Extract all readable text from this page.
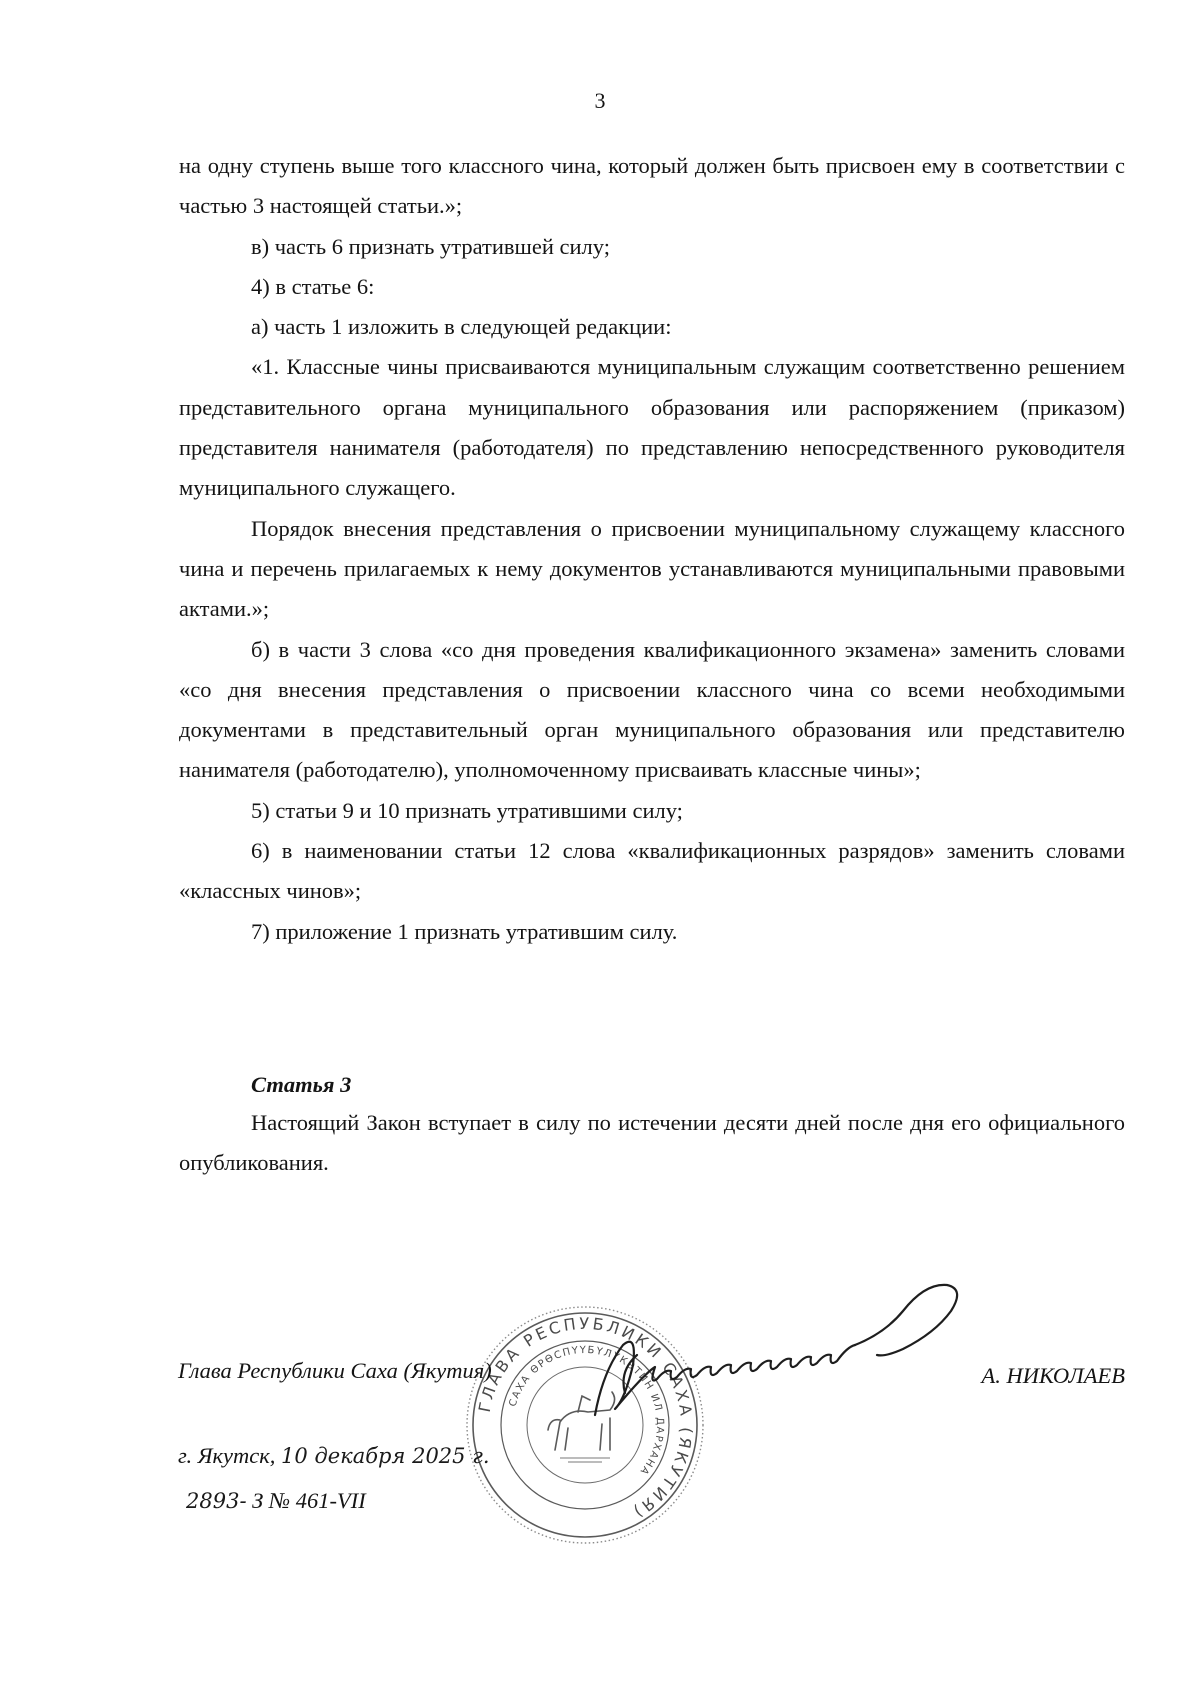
3

на одну ступень выше того классного чина, который должен быть присвоен ему в соответствии с частью 3 настоящей статьи.»;

в) часть 6 признать утратившей силу;

4) в статье 6:

а) часть 1 изложить в следующей редакции:

«1. Классные чины присваиваются муниципальным служащим соответственно решением представительного органа муниципального образования или распоряжением (приказом) представителя нанимателя (работодателя) по представлению непосредственного руководителя муниципального служащего.

Порядок внесения представления о присвоении муниципальному служащему классного чина и перечень прилагаемых к нему документов устанавливаются муниципальными правовыми актами.»;

б) в части 3 слова «со дня проведения квалификационного экзамена» заменить словами «со дня внесения представления о присвоении классного чина со всеми необходимыми документами в представительный орган муниципального образования или представителю нанимателя (работодателю), уполномоченному присваивать классные чины»;

5) статьи 9 и 10 признать утратившими силу;

6) в наименовании статьи 12 слова «квалификационных разрядов» заменить словами «классных чинов»;

7) приложение 1 признать утратившим силу.

Статья 3

Настоящий Закон вступает в силу по истечении десяти дней после дня его официального опубликования.

ГЛАВА РЕСПУБЛИКИ САХА (ЯКУТИЯ)
САХА ӨРӨСПҮҮБҮЛҮКЭТИН ИЛ ДАРХАНА
Глава Республики Саха (Якутия)	А. НИКОЛАЕВ
г. Якутск, 10 декабря 2025 г.
2893- З № 461-VII
